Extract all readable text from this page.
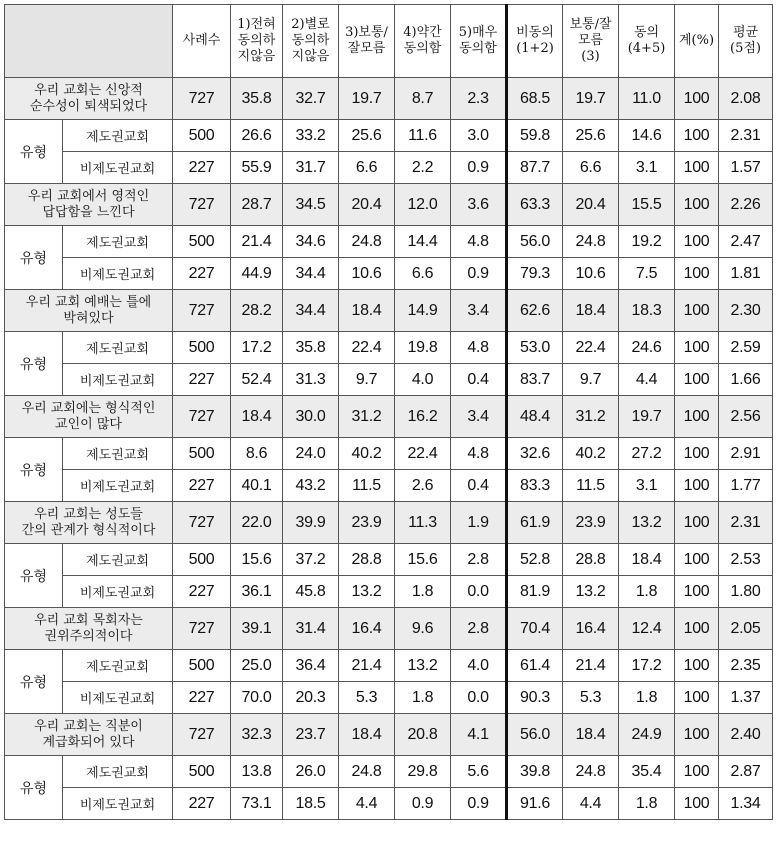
		사례수	1)전혀
동의하
지않음	2)별로
동의하
지않음	3)보통/
잘모름	4)약간
동의함	5)매우
동의함	비동의
(1+2)	보통/잘
모름
(3)	동의
(4+5)	계(%)	평균
(5점)
우리 교회는 신앙적
순수성이 퇴색되었다		727	35.8	32.7	19.7	8.7	2.3	68.5	19.7	11.0	100	2.08
유형	제도권교회	500	26.6	33.2	25.6	11.6	3.0	59.8	25.6	14.6	100	2.31
	비제도권교회	227	55.9	31.7	6.6	2.2	0.9	87.7	6.6	3.1	100	1.57
우리 교회에서 영적인
답답함을 느낀다		727	28.7	34.5	20.4	12.0	3.6	63.3	20.4	15.5	100	2.26
유형	제도권교회	500	21.4	34.6	24.8	14.4	4.8	56.0	24.8	19.2	100	2.47
	비제도권교회	227	44.9	34.4	10.6	6.6	0.9	79.3	10.6	7.5	100	1.81
우리 교회 예배는 틀에
박혀있다		727	28.2	34.4	18.4	14.9	3.4	62.6	18.4	18.3	100	2.30
유형	제도권교회	500	17.2	35.8	22.4	19.8	4.8	53.0	22.4	24.6	100	2.59
	비제도권교회	227	52.4	31.3	9.7	4.0	0.4	83.7	9.7	4.4	100	1.66
우리 교회에는 형식적인
교인이 많다		727	18.4	30.0	31.2	16.2	3.4	48.4	31.2	19.7	100	2.56
유형	제도권교회	500	8.6	24.0	40.2	22.4	4.8	32.6	40.2	27.2	100	2.91
	비제도권교회	227	40.1	43.2	11.5	2.6	0.4	83.3	11.5	3.1	100	1.77
우리 교회는 성도들
간의 관계가 형식적이다		727	22.0	39.9	23.9	11.3	1.9	61.9	23.9	13.2	100	2.31
유형	제도권교회	500	15.6	37.2	28.8	15.6	2.8	52.8	28.8	18.4	100	2.53
	비제도권교회	227	36.1	45.8	13.2	1.8	0.0	81.9	13.2	1.8	100	1.80
우리 교회 목회자는
권위주의적이다		727	39.1	31.4	16.4	9.6	2.8	70.4	16.4	12.4	100	2.05
유형	제도권교회	500	25.0	36.4	21.4	13.2	4.0	61.4	21.4	17.2	100	2.35
	비제도권교회	227	70.0	20.3	5.3	1.8	0.0	90.3	5.3	1.8	100	1.37
우리 교회는 직분이
계급화되어 있다		727	32.3	23.7	18.4	20.8	4.1	56.0	18.4	24.9	100	2.40
유형	제도권교회	500	13.8	26.0	24.8	29.8	5.6	39.8	24.8	35.4	100	2.87
	비제도권교회	227	73.1	18.5	4.4	0.9	0.9	91.6	4.4	1.8	100	1.34
